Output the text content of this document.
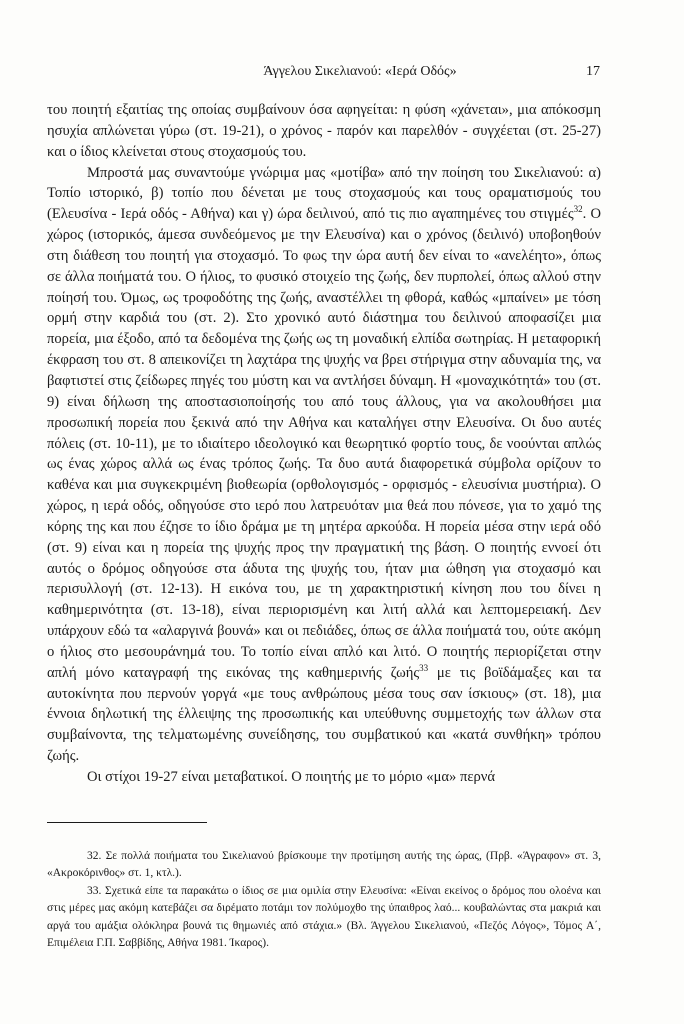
Άγγελου Σικελιανού: «Ιερά Οδός»	17

του ποιητή εξαιτίας της οποίας συμβαίνουν όσα αφηγείται: η φύση «χάνεται», μια απόκοσμη ησυχία απλώνεται γύρω (στ. 19-21), ο χρόνος - παρόν και παρελθόν - συγχέεται (στ. 25-27) και ο ίδιος κλείνεται στους στοχασμούς του.

Μπροστά μας συναντούμε γνώριμα μας «μοτίβα» από την ποίηση του Σικελιανού: α) Τοπίο ιστορικό, β) τοπίο που δένεται με τους στοχασμούς και τους οραματισμούς του (Ελευσίνα - Ιερά οδός - Αθήνα) και γ) ώρα δειλινού, από τις πιο αγαπημένες του στιγμές$^{32}$. Ο χώρος (ιστορικός, άμεσα συνδεόμενος με την Ελευσίνα) και ο χρόνος (δειλινό) υποβοηθούν στη διάθεση του ποιητή για στοχασμό. Το φως την ώρα αυτή δεν είναι το «ανελέητο», όπως σε άλλα ποιήματά του. Ο ήλιος, το φυσικό στοιχείο της ζωής, δεν πυρπολεί, όπως αλλού στην ποίησή του. Όμως, ως τροφοδότης της ζωής, αναστέλλει τη φθορά, καθώς «μπαίνει» με τόση ορμή στην καρδιά του (στ. 2). Στο χρονικό αυτό διάστημα του δειλινού αποφασίζει μια πορεία, μια έξοδο, από τα δεδομένα της ζωής ως τη μοναδική ελπίδα σωτηρίας. Η μεταφορική έκφραση του στ. 8 απεικονίζει τη λαχτάρα της ψυχής να βρει στήριγμα στην αδυναμία της, να βαφτιστεί στις ζείδωρες πηγές του μύστη και να αντλήσει δύναμη. Η «μοναχικότητά» του (στ. 9) είναι δήλωση της αποστασιοποίησής του από τους άλλους, για να ακολουθήσει μια προσωπική πορεία που ξεκινά από την Αθήνα και καταλήγει στην Ελευσίνα. Οι δυο αυτές πόλεις (στ. 10-11), με το ιδιαίτερο ιδεολογικό και θεωρητικό φορτίο τους, δε νοούνται απλώς ως ένας χώρος αλλά ως ένας τρόπος ζωής. Τα δυο αυτά διαφορετικά σύμβολα ορίζουν το καθένα και μια συγκεκριμένη βιοθεωρία (ορθολογισμός - ορφισμός - ελευσίνια μυστήρια). Ο χώρος, η ιερά οδός, οδηγούσε στο ιερό που λατρευόταν μια θεά που πόνεσε, για το χαμό της κόρης της και που έζησε το ίδιο δράμα με τη μητέρα αρκούδα. Η πορεία μέσα στην ιερά οδό (στ. 9) είναι και η πορεία της ψυχής προς την πραγματική της βάση. Ο ποιητής εννοεί ότι αυτός ο δρόμος οδηγούσε στα άδυτα της ψυχής του, ήταν μια ώθηση για στοχασμό και περισυλλογή (στ. 12-13). Η εικόνα του, με τη χαρακτηριστική κίνηση που του δίνει η καθημερινότητα (στ. 13-18), είναι περιορισμένη και λιτή αλλά και λεπτομερειακή. Δεν υπάρχουν εδώ τα «αλαργινά βουνά» και οι πεδιάδες, όπως σε άλλα ποιήματά του, ούτε ακόμη ο ήλιος στο μεσουράνημά του. Το τοπίο είναι απλό και λιτό. Ο ποιητής περιορίζεται στην απλή μόνο καταγραφή της εικόνας της καθημερινής ζωής$^{33}$ με τις βοϊδάμαξες και τα αυτοκίνητα που περνούν γοργά «με τους ανθρώπους μέσα τους σαν ίσκιους» (στ. 18), μια έννοια δηλωτική της έλλειψης της προσωπικής και υπεύθυνης συμμετοχής των άλλων στα συμβαίνοντα, της τελματωμένης συνείδησης, του συμβατικού και «κατά συνθήκη» τρόπου ζωής.

Οι στίχοι 19-27 είναι μεταβατικοί. Ο ποιητής με το μόριο «μα» περνά

32. Σε πολλά ποιήματα του Σικελιανού βρίσκουμε την προτίμηση αυτής της ώρας, (Πρβ. «Άγραφον» στ. 3, «Ακροκόρινθος» στ. 1, κτλ.).

33. Σχετικά είπε τα παρακάτω ο ίδιος σε μια ομιλία στην Ελευσίνα: «Είναι εκείνος ο δρόμος που ολοένα και στις μέρες μας ακόμη κατεβάζει σα διρέματο ποτάμι τον πολύμοχθο της ύπαιθρος λαό... κουβαλώντας στα μακριά και αργά του αμάξια ολόκληρα βουνά τις θημωνιές από στάχια.» (Βλ. Άγγελου Σικελιανού, «Πεζός Λόγος», Τόμος Α΄, Επιμέλεια Γ.Π. Σαββίδης, Αθήνα 1981. Ίκαρος).
